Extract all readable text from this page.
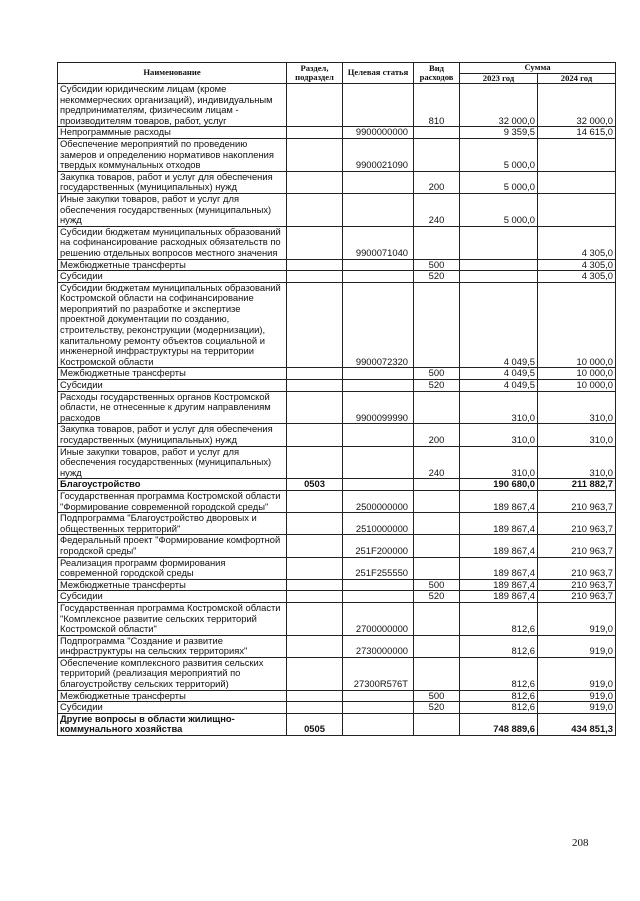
Наименование	Раздел, подраздел	Целевая статья	Вид расходов	Сумма	
				2023 год	2024 год
Субсидии юридическим лицам (кроме некоммерческих организаций), индивидуальным предпринимателям, физическим лицам - производителям товаров, работ, услуг			810	32 000,0	32 000,0
Непрограммные расходы		9900000000		9 359,5	14 615,0
Обеспечение мероприятий по проведению замеров и определению нормативов накопления твердых коммунальных отходов		9900021090		5 000,0	
Закупка товаров, работ и услуг для обеспечения государственных (муниципальных) нужд			200	5 000,0	
Иные закупки товаров, работ и услуг для обеспечения государственных (муниципальных) нужд			240	5 000,0	
Субсидии бюджетам муниципальных образований на софинансирование расходных обязательств по решению отдельных вопросов местного значения		9900071040			4 305,0
Межбюджетные трансферты			500		4 305,0
Субсидии			520		4 305,0
Субсидии бюджетам муниципальных образований Костромской области на софинансирование мероприятий по разработке и экспертизе проектной документации по созданию, строительству, реконструкции (модернизации), капитальному ремонту объектов социальной и инженерной инфраструктуры на территории Костромской области		9900072320		4 049,5	10 000,0
Межбюджетные трансферты			500	4 049,5	10 000,0
Субсидии			520	4 049,5	10 000,0
Расходы государственных органов Костромской области, не отнесенные к другим направлениям расходов		9900099990		310,0	310,0
Закупка товаров, работ и услуг для обеспечения государственных (муниципальных) нужд			200	310,0	310,0
Иные закупки товаров, работ и услуг для обеспечения государственных (муниципальных) нужд			240	310,0	310,0
Благоустройство	0503			190 680,0	211 882,7
Государственная программа Костромской области "Формирование современной городской среды"		2500000000		189 867,4	210 963,7
Подпрограмма "Благоустройство дворовых и общественных территорий"		2510000000		189 867,4	210 963,7
Федеральный проект "Формирование комфортной городской среды"		251F200000		189 867,4	210 963,7
Реализация программ формирования современной городской среды		251F255550		189 867,4	210 963,7
Межбюджетные трансферты			500	189 867,4	210 963,7
Субсидии			520	189 867,4	210 963,7
Государственная программа Костромской области "Комплексное развитие сельских территорий Костромской области"		2700000000		812,6	919,0
Подпрограмма "Создание и развитие инфраструктуры на сельских территориях"		2730000000		812,6	919,0
Обеспечение комплексного развития сельских территорий (реализация мероприятий по благоустройству сельских территорий)		27300R576Т		812,6	919,0
Межбюджетные трансферты			500	812,6	919,0
Субсидии			520	812,6	919,0
Другие вопросы в области жилищно-коммунального хозяйства	0505			748 889,6	434 851,3
208
